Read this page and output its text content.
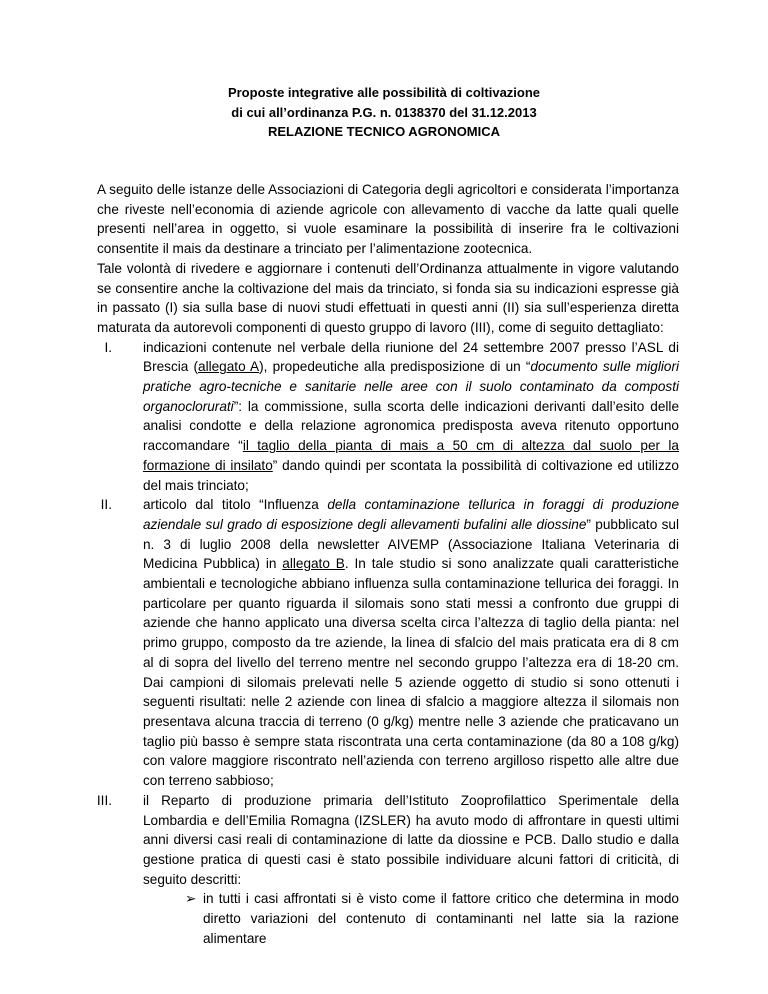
Proposte integrative alle possibilità di coltivazione
di cui all’ordinanza P.G. n. 0138370 del 31.12.2013
RELAZIONE TECNICO AGRONOMICA

A seguito delle istanze delle Associazioni di Categoria degli agricoltori e considerata l’importanza che riveste nell’economia di aziende agricole con allevamento di vacche da latte quali quelle presenti nell’area in oggetto, si vuole esaminare la possibilità di inserire fra le coltivazioni consentite il mais da destinare a trinciato per l’alimentazione zootecnica.

Tale volontà di rivedere e aggiornare i contenuti dell’Ordinanza attualmente in vigore valutando se consentire anche la coltivazione del mais da trinciato, si fonda sia su indicazioni espresse già in passato (I) sia sulla base di nuovi studi effettuati in questi anni (II) sia sull’esperienza diretta maturata da autorevoli componenti di questo gruppo di lavoro (III), come di seguito dettagliato:

I. indicazioni contenute nel verbale della riunione del 24 settembre 2007 presso l’ASL di Brescia (allegato A), propedeutiche alla predisposizione di un “documento sulle migliori pratiche agro-tecniche e sanitarie nelle aree con il suolo contaminato da composti organoclorurati”: la commissione, sulla scorta delle indicazioni derivanti dall’esito delle analisi condotte e della relazione agronomica predisposta aveva ritenuto opportuno raccomandare “il taglio della pianta di mais a 50 cm di altezza dal suolo per la formazione di insilato” dando quindi per scontata la possibilità di coltivazione ed utilizzo del mais trinciato;
II. articolo dal titolo “Influenza della contaminazione tellurica in foraggi di produzione aziendale sul grado di esposizione degli allevamenti bufalini alle diossine” pubblicato sul n. 3 di luglio 2008 della newsletter AIVEMP (Associazione Italiana Veterinaria di Medicina Pubblica) in allegato B. In tale studio si sono analizzate quali caratteristiche ambientali e tecnologiche abbiano influenza sulla contaminazione tellurica dei foraggi. In particolare per quanto riguarda il silomais sono stati messi a confronto due gruppi di aziende che hanno applicato una diversa scelta circa l’altezza di taglio della pianta: nel primo gruppo, composto da tre aziende, la linea di sfalcio del mais praticata era di 8 cm al di sopra del livello del terreno mentre nel secondo gruppo l’altezza era di 18-20 cm. Dai campioni di silomais prelevati nelle 5 aziende oggetto di studio si sono ottenuti i seguenti risultati: nelle 2 aziende con linea di sfalcio a maggiore altezza il silomais non presentava alcuna traccia di terreno (0 g/kg) mentre nelle 3 aziende che praticavano un taglio più basso è sempre stata riscontrata una certa contaminazione (da 80 a 108 g/kg) con valore maggiore riscontrato nell’azienda con terreno argilloso rispetto alle altre due con terreno sabbioso;
III. il Reparto di produzione primaria dell’Istituto Zooprofilattico Sperimentale della Lombardia e dell’Emilia Romagna (IZSLER) ha avuto modo di affrontare in questi ultimi anni diversi casi reali di contaminazione di latte da diossine e PCB. Dallo studio e dalla gestione pratica di questi casi è stato possibile individuare alcuni fattori di criticità, di seguito descritti:
➢ in tutti i casi affrontati si è visto come il fattore critico che determina in modo diretto variazioni del contenuto di contaminanti nel latte sia la razione alimentare
